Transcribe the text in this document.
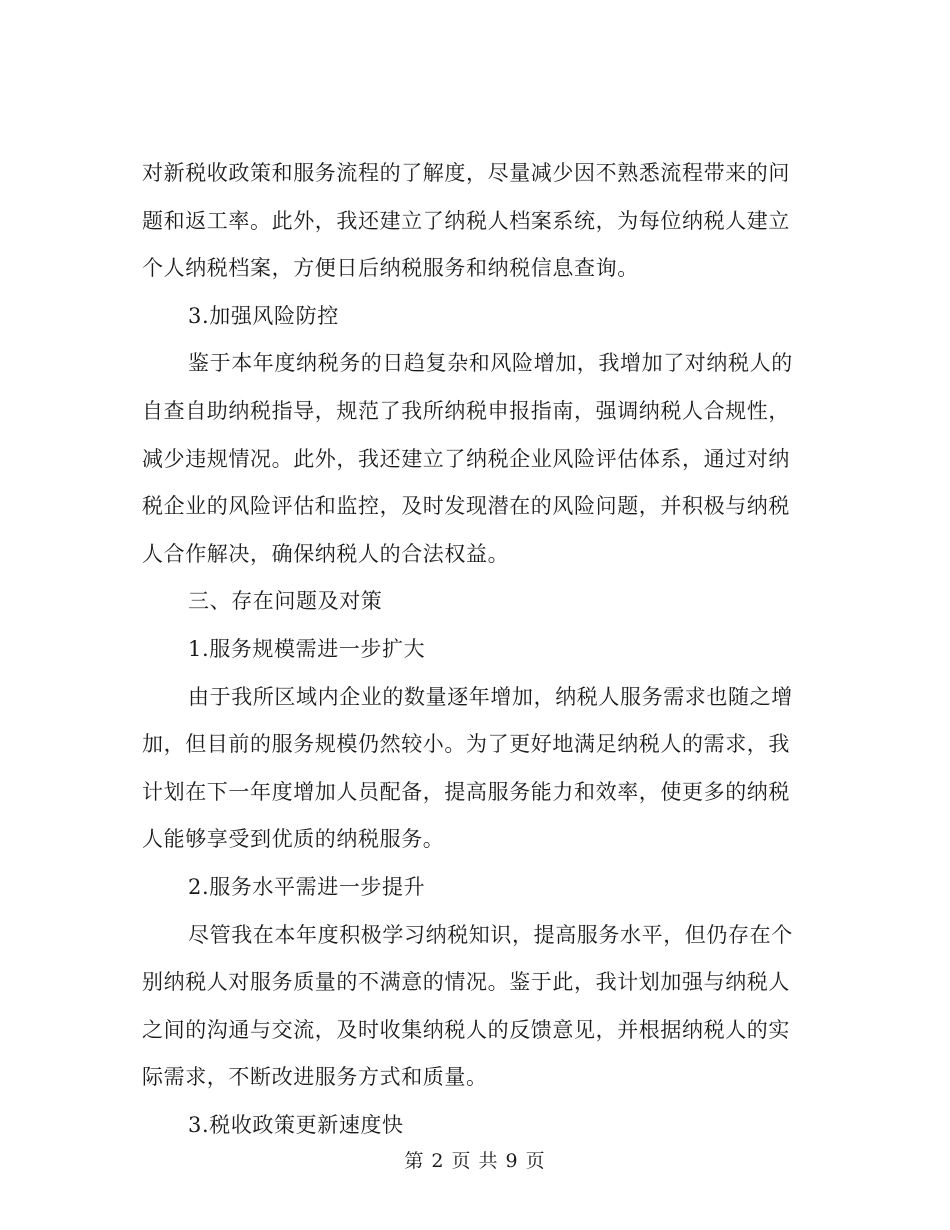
对新税收政策和服务流程的了解度，尽量减少因不熟悉流程带来的问
题和返工率。此外，我还建立了纳税人档案系统，为每位纳税人建立
个人纳税档案，方便日后纳税服务和纳税信息查询。
3.加强风险防控
鉴于本年度纳税务的日趋复杂和风险增加，我增加了对纳税人的
自查自助纳税指导，规范了我所纳税申报指南，强调纳税人合规性，
减少违规情况。此外，我还建立了纳税企业风险评估体系，通过对纳
税企业的风险评估和监控，及时发现潜在的风险问题，并积极与纳税
人合作解决，确保纳税人的合法权益。
三、存在问题及对策
1.服务规模需进一步扩大
由于我所区域内企业的数量逐年增加，纳税人服务需求也随之增
加，但目前的服务规模仍然较小。为了更好地满足纳税人的需求，我
计划在下一年度增加人员配备，提高服务能力和效率，使更多的纳税
人能够享受到优质的纳税服务。
2.服务水平需进一步提升
尽管我在本年度积极学习纳税知识，提高服务水平，但仍存在个
别纳税人对服务质量的不满意的情况。鉴于此，我计划加强与纳税人
之间的沟通与交流，及时收集纳税人的反馈意见，并根据纳税人的实
际需求，不断改进服务方式和质量。
3.税收政策更新速度快
第 2 页 共 9 页
